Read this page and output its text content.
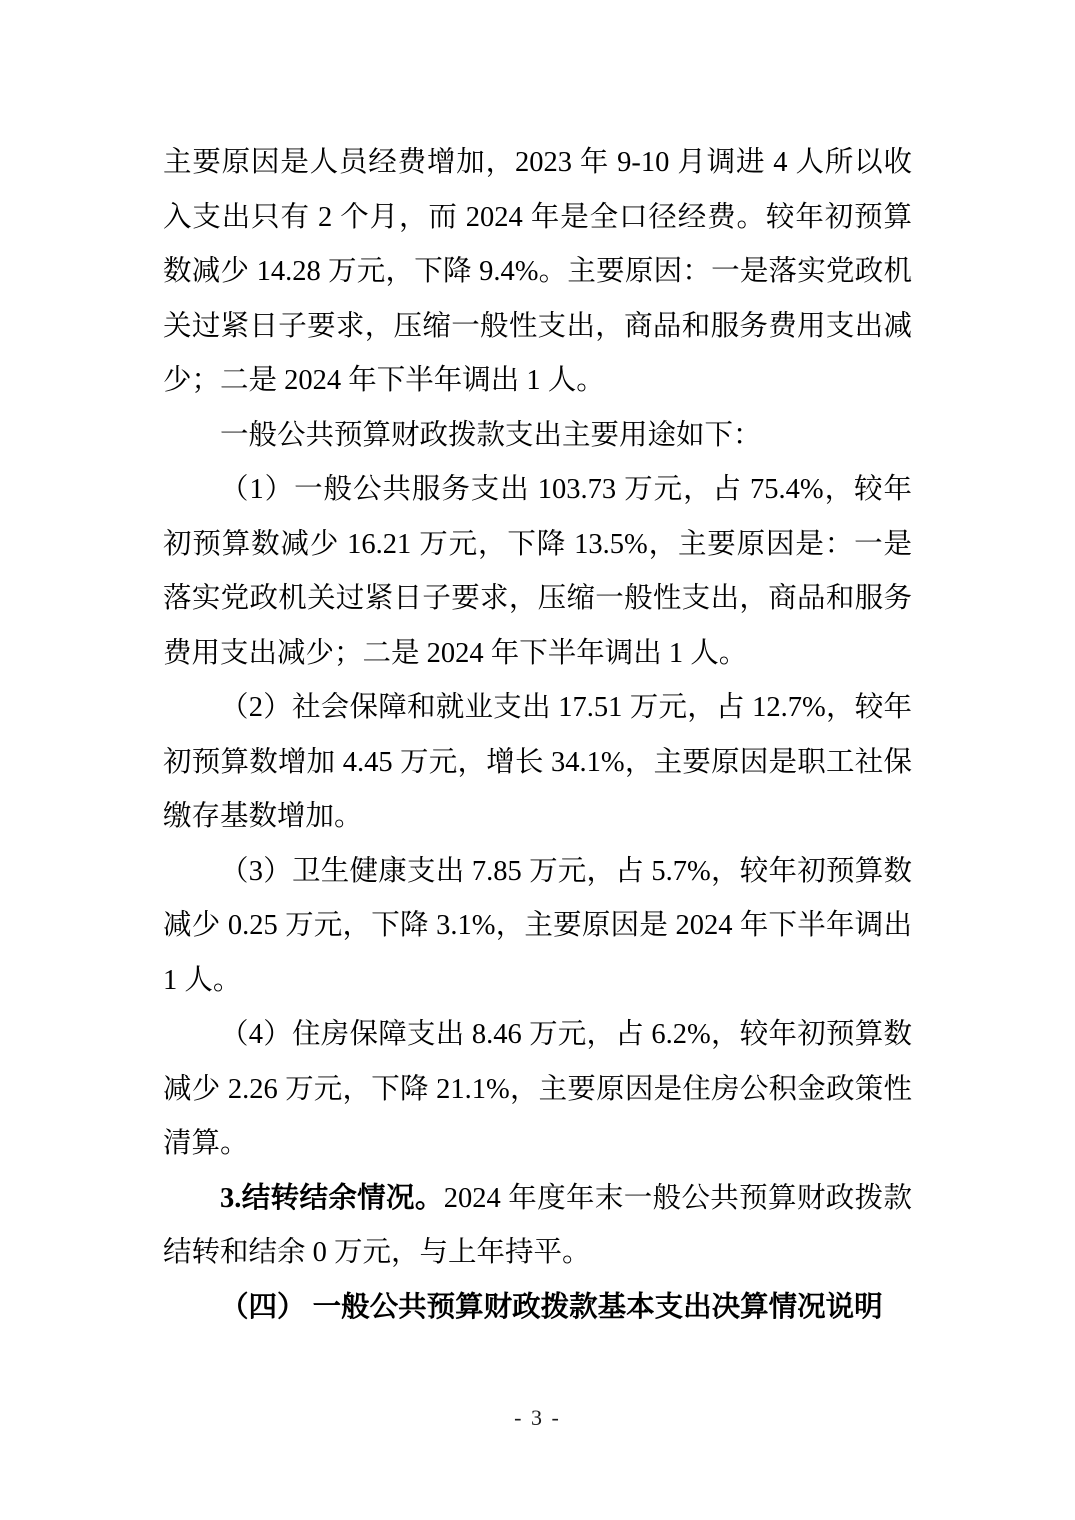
主要原因是人员经费增加，2023 年 9-10 月调进 4 人所以收入支出只有 2 个月，而 2024 年是全口径经费。较年初预算数减少 14.28 万元，下降 9.4%。主要原因：一是落实党政机关过紧日子要求，压缩一般性支出，商品和服务费用支出减少；二是 2024 年下半年调出 1 人。

一般公共预算财政拨款支出主要用途如下：

（1）一般公共服务支出 103.73 万元，占 75.4%，较年初预算数减少 16.21 万元，下降 13.5%，主要原因是：一是落实党政机关过紧日子要求，压缩一般性支出，商品和服务费用支出减少；二是 2024 年下半年调出 1 人。

（2）社会保障和就业支出 17.51 万元，占 12.7%，较年初预算数增加 4.45 万元，增长 34.1%，主要原因是职工社保缴存基数增加。

（3）卫生健康支出 7.85 万元，占 5.7%，较年初预算数减少 0.25 万元，下降 3.1%，主要原因是 2024 年下半年调出 1 人。

（4）住房保障支出 8.46 万元，占 6.2%，较年初预算数减少 2.26 万元，下降 21.1%，主要原因是住房公积金政策性清算。

3.结转结余情况。2024 年度年末一般公共预算财政拨款结转和结余 0 万元，与上年持平。

（四） 一般公共预算财政拨款基本支出决算情况说明

- 3 -
